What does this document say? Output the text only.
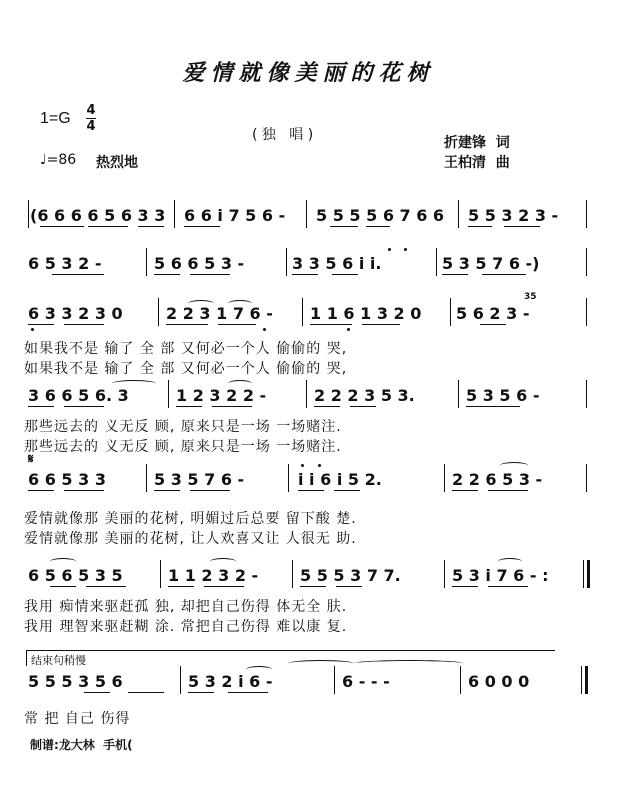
爱情就像美丽的花树
1=G 4
4
♩=86 热烈地
( 独   唱 )	折建锋  词
王柏清  曲
(6 6 6 6 5 6 3 3 6 6 i 7 5 6 - 5 5 5 5 6 7 6 6 5 5 3 2 3 -
6 5 3 2 -	5 6 6 5 3 -	3 3 5 6 i i.	5 3 5 7 6 -)
6 3 3 2 3 0	2 2 3 1 7 6 - 1 1 6 1 3 2 0 5 6 2 3 -
35
如果我不是 输了 全 部 又何必一个人 偷偷的 哭,
如果我不是 输了 全 部 又何必一个人 偷偷的 哭,
3 6 6 5 6. 3	1 2 3 2 2 -	2 2 2 3 5 3.	5 3 5 6 -
那些远去的 义无反 顾, 原来只是一场 一场赌注.
那些远去的 义无反 顾, 原来只是一场 一场赌注.
𝄋
6 6 5 3 3	5 3 5 7 6 -	i i 6 i 5 2.	2 2 6 5 3 -
爱情就像那 美丽的花树, 明媚过后总要 留下酸 楚.
爱情就像那 美丽的花树, 让人欢喜又让 人很无 助.
6 5 6 5 3 5	1 1 2 3 2 -	5 5 5 3 7 7.	5 3 i 7 6 - :
我用 痴情来驱赶孤 独, 却把自己伤得 体无全 肤.
我用 理智来驱赶糊 涂. 常把自己伤得 难以康 复.
结束句稍慢
5 5 5 3 5 6	5 3 2 i 6 -	6 - - -	6 0 0 0
常 把 自己 伤得
制谱:龙大林  手机(
